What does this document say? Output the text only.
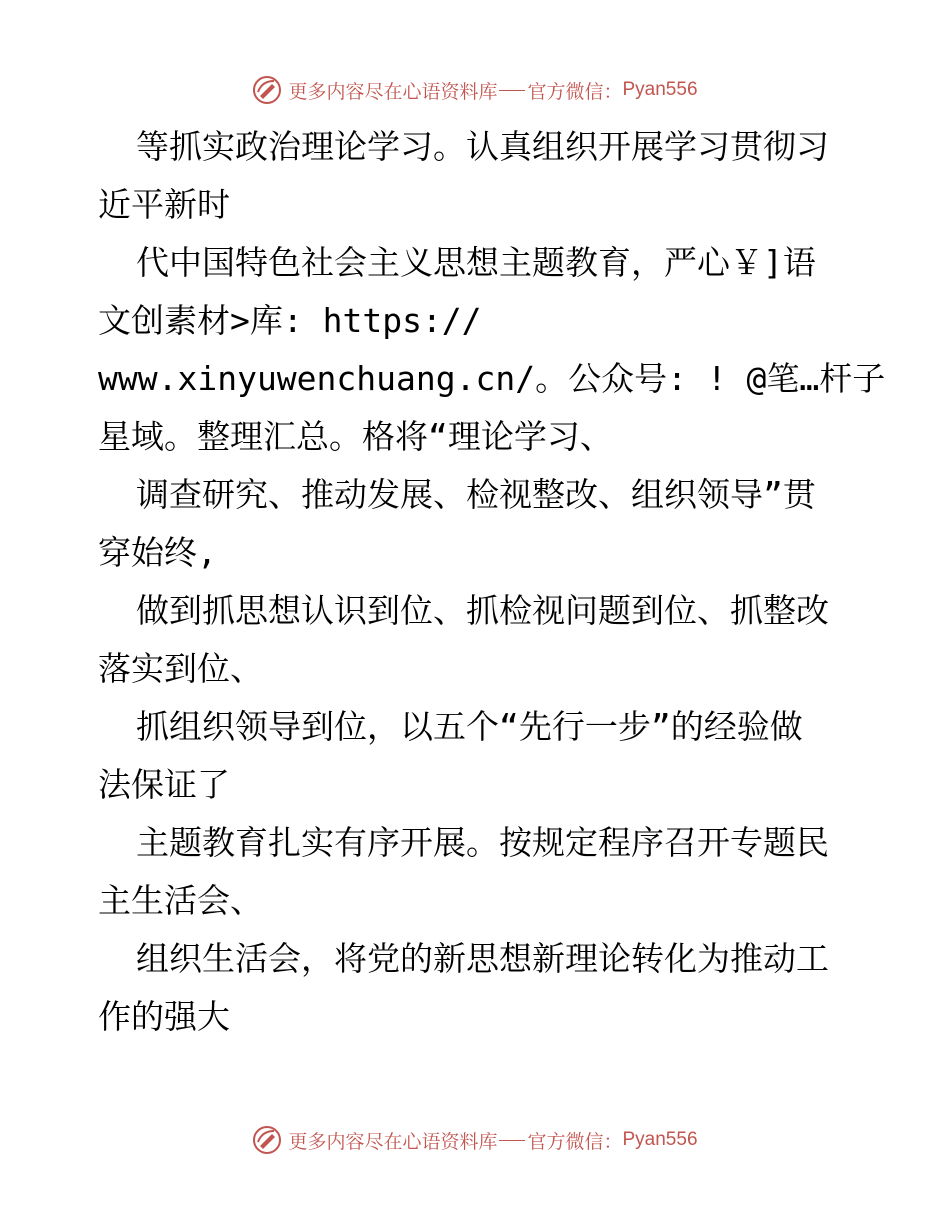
更多内容尽在心语资料库 官方微信： Pyan556
等抓实政治理论学习。认真组织开展学习贯彻习
近平新时
代中国特色社会主义思想主题教育，严心￥]语
文创素材>库: https://
www.xinyuwenchuang.cn/。公众号: ! @笔…杆子
星域。整理汇总。格将“理论学习、
调查研究、推动发展、检视整改、组织领导”贯
穿始终,
做到抓思想认识到位、抓检视问题到位、抓整改
落实到位、
抓组织领导到位，以五个“先行一步”的经验做
法保证了
主题教育扎实有序开展。按规定程序召开专题民
主生活会、
组织生活会，将党的新思想新理论转化为推动工
作的强大
更多内容尽在心语资料库 官方微信： Pyan556
